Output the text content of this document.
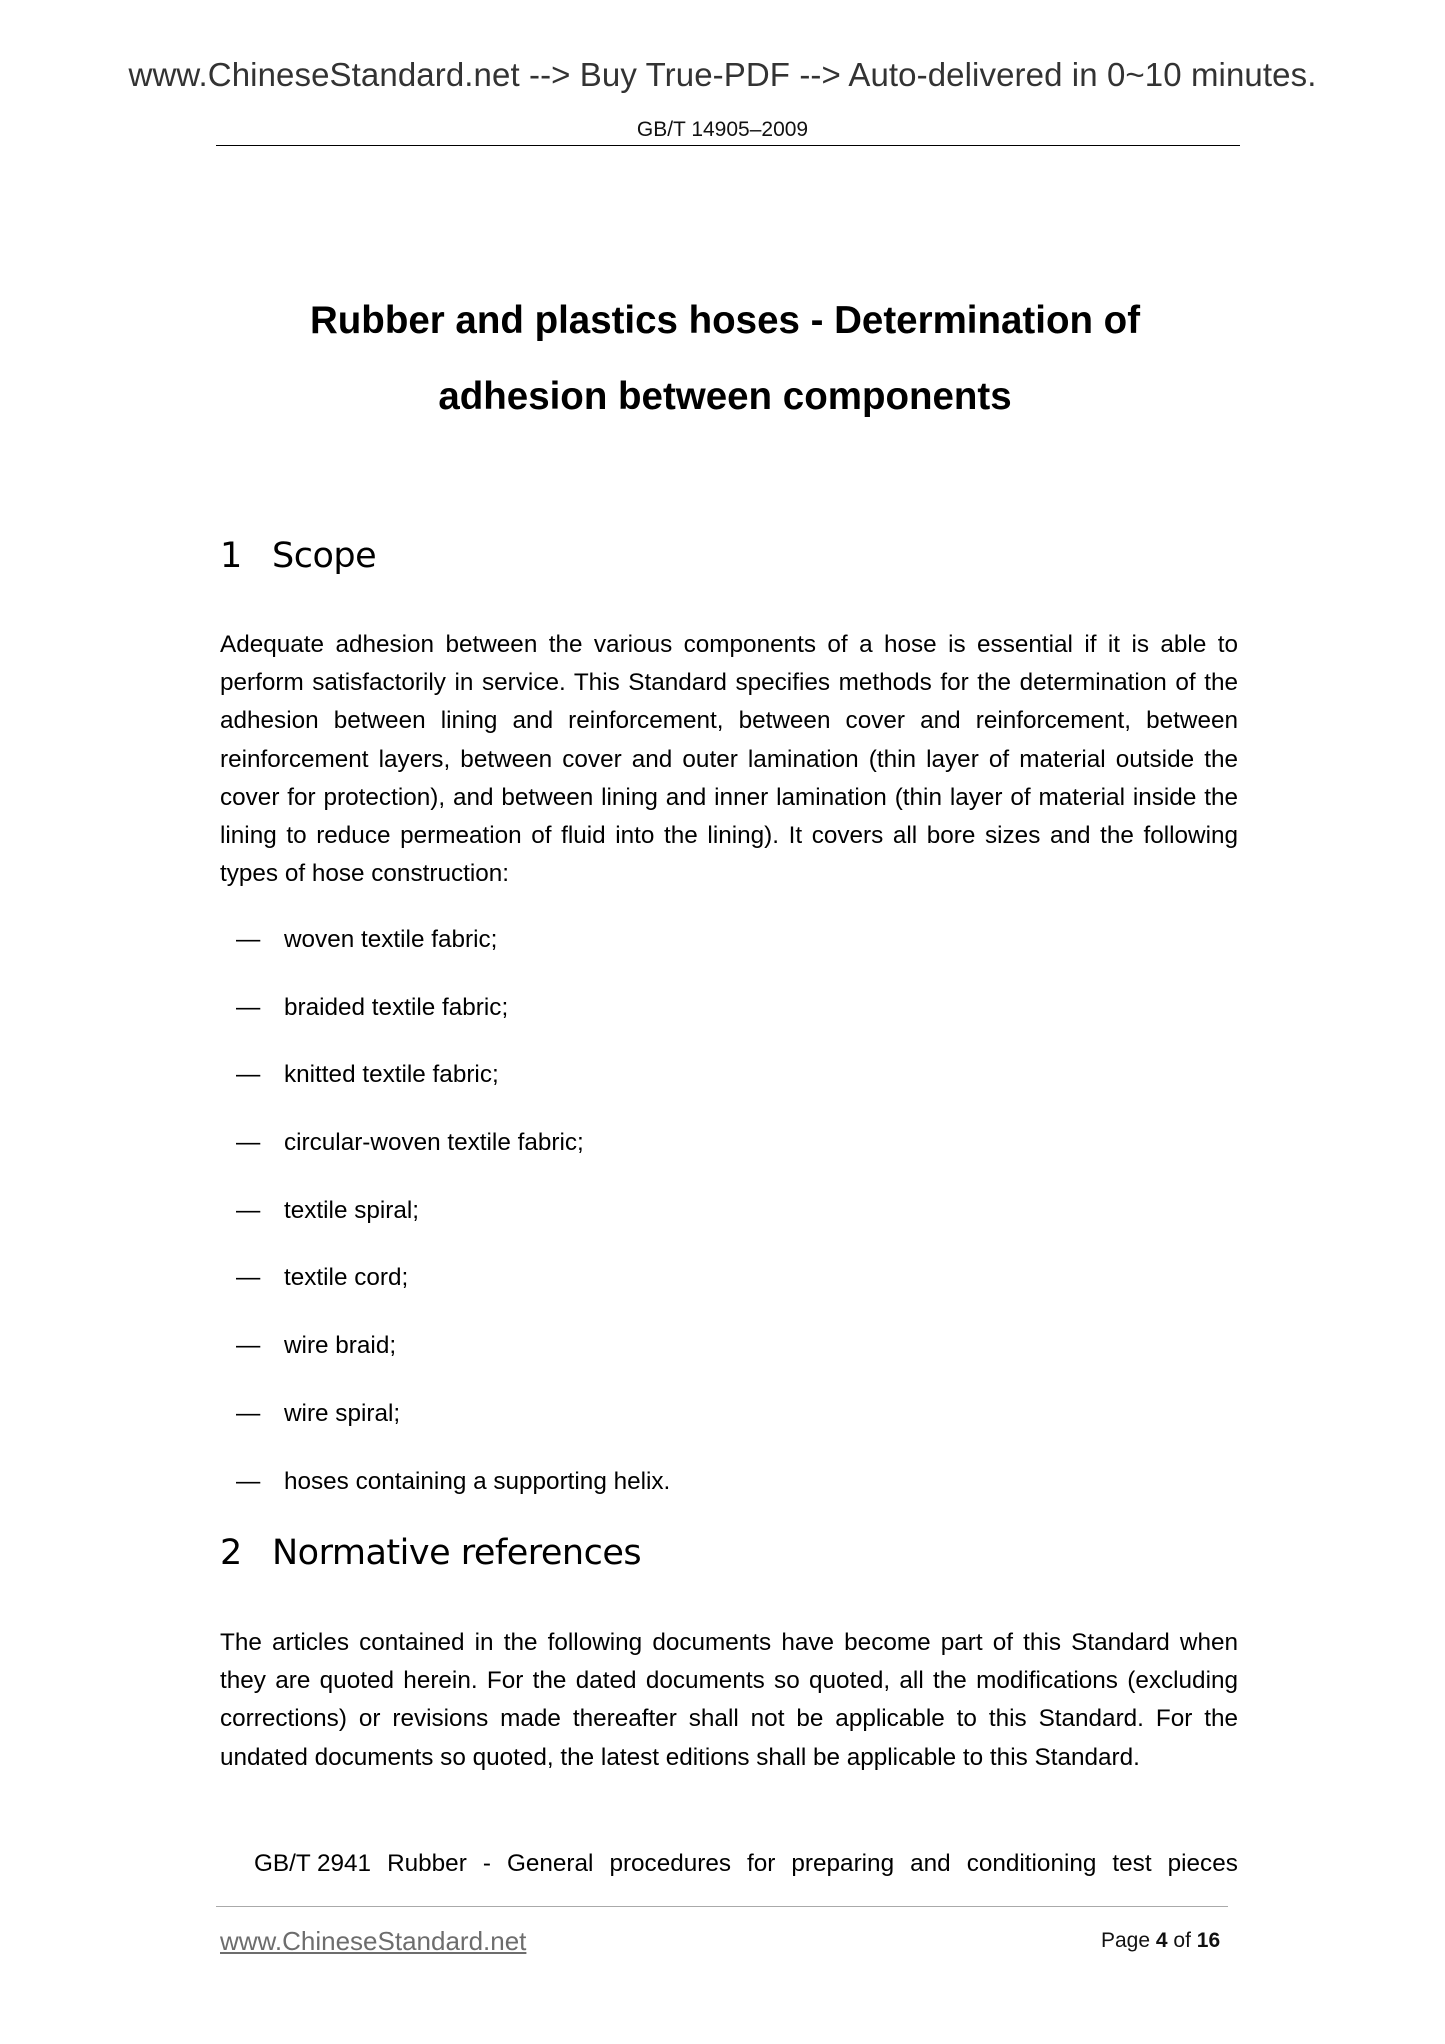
www.ChineseStandard.net --> Buy True-PDF --> Auto-delivered in 0~10 minutes.
GB/T 14905–2009
Rubber and plastics hoses - Determination of
adhesion between components
1 Scope

Adequate adhesion between the various components of a hose is essential if it is able to perform satisfactorily in service. This Standard specifies methods for the determination of the adhesion between lining and reinforcement, between cover and reinforcement, between reinforcement layers, between cover and outer lamination (thin layer of material outside the cover for protection), and between lining and inner lamination (thin layer of material inside the lining to reduce permeation of fluid into the lining). It covers all bore sizes and the following types of hose construction:

— woven textile fabric;
— braided textile fabric;
— knitted textile fabric;
— circular-woven textile fabric;
— textile spiral;
— textile cord;
— wire braid;
— wire spiral;
— hoses containing a supporting helix.
2 Normative references

The articles contained in the following documents have become part of this Standard when they are quoted herein. For the dated documents so quoted, all the modifications (excluding corrections) or revisions made thereafter shall not be applicable to this Standard. For the undated documents so quoted, the latest editions shall be applicable to this Standard.

GB/T 2941 Rubber - General procedures for preparing and conditioning test pieces
www.ChineseStandard.net	Page 4 of 16
